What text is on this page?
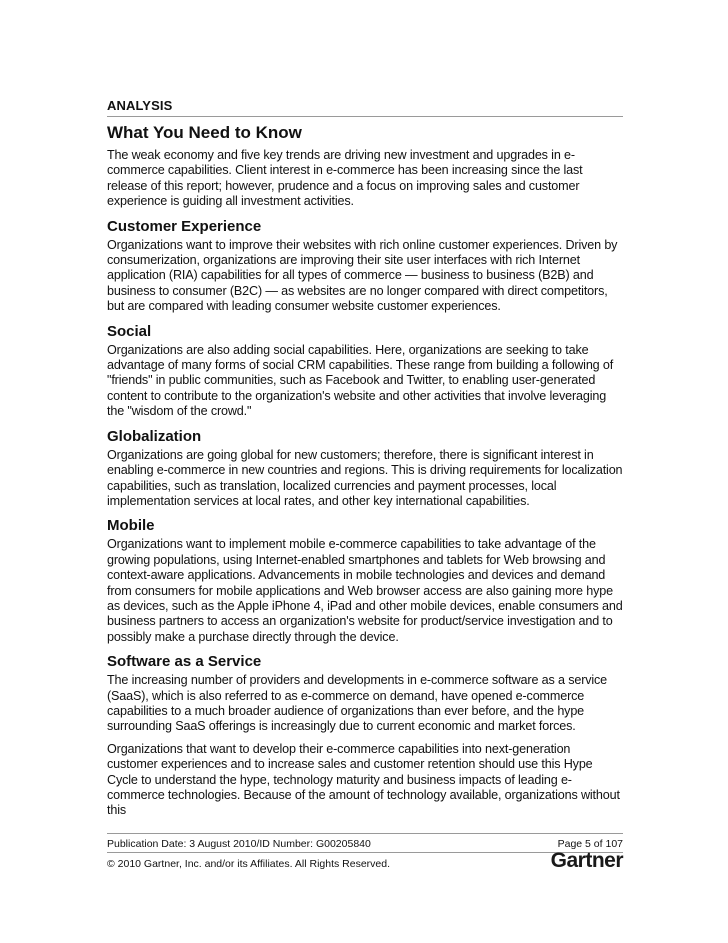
ANALYSIS
What You Need to Know

The weak economy and five key trends are driving new investment and upgrades in e-commerce capabilities. Client interest in e-commerce has been increasing since the last release of this report; however, prudence and a focus on improving sales and customer experience is guiding all investment activities.

Customer Experience

Organizations want to improve their websites with rich online customer experiences. Driven by consumerization, organizations are improving their site user interfaces with rich Internet application (RIA) capabilities for all types of commerce — business to business (B2B) and business to consumer (B2C) — as websites are no longer compared with direct competitors, but are compared with leading consumer website customer experiences.

Social

Organizations are also adding social capabilities. Here, organizations are seeking to take advantage of many forms of social CRM capabilities. These range from building a following of "friends" in public communities, such as Facebook and Twitter, to enabling user-generated content to contribute to the organization's website and other activities that involve leveraging the "wisdom of the crowd."

Globalization

Organizations are going global for new customers; therefore, there is significant interest in enabling e-commerce in new countries and regions. This is driving requirements for localization capabilities, such as translation, localized currencies and payment processes, local implementation services at local rates, and other key international capabilities.

Mobile

Organizations want to implement mobile e-commerce capabilities to take advantage of the growing populations, using Internet-enabled smartphones and tablets for Web browsing and context-aware applications. Advancements in mobile technologies and devices and demand from consumers for mobile applications and Web browser access are also gaining more hype as devices, such as the Apple iPhone 4, iPad and other mobile devices, enable consumers and business partners to access an organization's website for product/service investigation and to possibly make a purchase directly through the device.

Software as a Service

The increasing number of providers and developments in e-commerce software as a service (SaaS), which is also referred to as e-commerce on demand, have opened e-commerce capabilities to a much broader audience of organizations than ever before, and the hype surrounding SaaS offerings is increasingly due to current economic and market forces.

Organizations that want to develop their e-commerce capabilities into next-generation customer experiences and to increase sales and customer retention should use this Hype Cycle to understand the hype, technology maturity and business impacts of leading e-commerce technologies. Because of the amount of technology available, organizations without this

Publication Date: 3 August 2010/ID Number: G00205840	Page 5 of 107
© 2010 Gartner, Inc. and/or its Affiliates. All Rights Reserved.	Gartner
